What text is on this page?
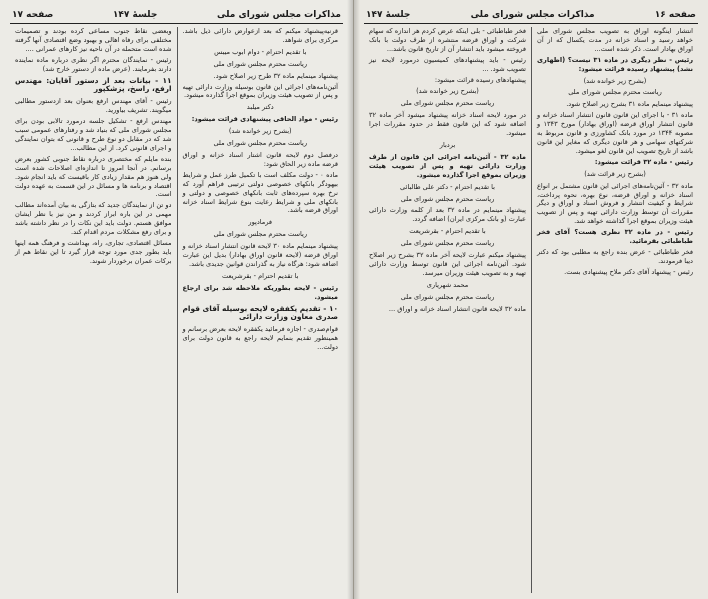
مذاکرات مجلس شورای ملی
جلسهٔ ۱۴۷
صفحه ۱۷

قرنیه‌پیشنهاد میکنم که بعد ازعوارض دارائی ذیل باشد. مرکزی برای شواهد.

با تقدیم احترام - دوام ابوب میبس

ریاست محترم مجلس شورای ملی

پیشنهاد مینمایم ماده ۳۲ طرح زیر اصلاح شود.

آئین‌نامه‌های اجرائی این قانون بوسیله وزارت دارائی تهیه و پس از تصویب هیئت وزیران بموقع اجرا گذارده میشود.

دکتر میلبد

رئیس - مواد الحاقی پیشنهادی قرائت میشود:

(بشرح زیر خوانده شد)

ریاست محترم مجلس شورای ملی

درفصل دوم لایحه قانون اشتار اسناد خزانه و اوراق قرضه ماده زیر الحاق شود:

ماده ۰ - دولت مکلف است با تکمیل طرز عمل و شرایط بیهودگر بانکهای خصوصی دولتی ترتیبی فراهم آورد که نرخ بهره سپرده‌های ثابت بانکهای خصوصی و دولتی و بانکهای ملی و شرایط رعایت بنوع شرایط اسناد خزانه اوراق قرضه باشد.

فرمادپور

ریاست محترم مجلس شورای ملی

پیشنهاد مینمایم ماده ۳۰ لایحه قانون انتشار اسناد خزانه و اوراق قرضه (لایحه قانون اوراق بهادار) بدیل این عبارت اضافه شود: هرگاه نیاز به گذراندن قوانین جدیدی باشد.

با تقدیم احترام - بقرشریعت

رئیس - لایحه بطوریکه ملاحظه شد برای ارجاع میشود.

۱۰ - تقدیم یکفقره لایحه بوسیله آقای قوام صدری معاون وزارت دارائی

قوام‌صدری - اجازه فرمائید یکفقره لایحه بعرض برسانم و همینطور تقدیم بنمایم لایحه راجع به قانون دولت برای دولت...

وبعضی نقاط جنوب مساعی کرده بودند و تصمیمات مختلفی برای رفاه اهالی و بهبود وضع اقتصادی آنها گرفته شده است متحمله در آن ناحیه نیز کارهای عمرانی ....

رئیس - نمایندگان محترم اگر نظری درباره ماده نماینده دارند بفرمایند. (عرض ماده از دستور خارج شد)

۱۱ - بیانات بعد از دستور آقایان: مهندس ارفع، راسخ، پزشکپور

رئیس - آقای مهندس ارفع بعنوان بعد ازدستور مطالبی میگویند. تشریف بیاورید.

مهندس ارفع - تشکیل جلسه درمورد تالابی بودن برای مجلس شورای ملی که بنیاد شد و رفتارهای عمومی سبب شد که در مقابل دو نوع طرح و قانونی که بتوان نمایندگی و اجرای قانونی کرد. از این مطالب...

بنده مایلم که مختصری درباره نقاط جنوبی کشور بعرض برسانم. در آنجا امروز تا اندازه‌ای اصلاحات شده است ولی هنوز هم مقدار زیادی کار باقیست که باید انجام شود. اقتصاد و برنامه ها و مسائل در این قسمت به عهده دولت است.

دو تن از نمایندگان جدید که بتازگی به بیان آمده‌اند مطالب مهمی در این باره ابراز کردند و من نیز با نظر ایشان موافق هستم. دولت باید این نکات را در نظر داشته باشد و برای رفع مشکلات مردم اقدام کند.

مسائل اقتصادی، تجاری، راه، بهداشت و فرهنگ همه اینها باید بطور جدی مورد توجه قرار گیرد تا این نقاط هم از برکات عمران برخوردار شوند.

صفحه ۱۶
مذاکرات مجلس شورای ملی
جلسهٔ ۱۴۷

انتشار اینگونه اوراق به تصویب مجلس شورای ملی خواهد رسید و اسناد خزانه در مدت یکسال که از آن اوراق بهادار است. ذکر شده است...

رئیس - نظر دیگری در ماده ۳۱ نیست؟ (اظهاری نشد) پیشنهاد رسیده قرائت میشود:

(بشرح زیر خوانده شد)

ریاست محترم مجلس شورای ملی

پیشنهاد مینمایم ماده ۳۱ بشرح زیر اصلاح شود.

ماده ۳۱ - با اجرای این قانون قانون انتشار اسناد خزانه و قانون انتشار اوراق قرضه (اوراق بهادار) مورخ ۱۳۴۳ و مصوبه ۱۳۴۴ در مورد بانک کشاورزی و قانون مربوط به شرکتهای سهامی و هر قانون دیگری که مغایر این قانون باشد از تاریخ تصویب این قانون لغو میشود.

رئیس - ماده ۳۲ قرائت میشود:

(بشرح زیر قرائت شد)

ماده ۳۲ - آئین‌نامه‌های اجرائی این قانون مشتمل بر انواع اسناد خزانه و اوراق قرضه، نوع بهره، نحوه پرداخت، شرایط و کیفیت انتشار و فروش اسناد و اوراق و دیگر مقررات آن توسط وزارت دارائی تهیه و پس از تصویب هیئت وزیران بموقع اجرا گذاشته خواهد شد.

رئیس - در ماده ۳۲ نظری هست؟ آقای فخر طباطبائی بفرمائید.

فخر طباطبائی - عرض بنده راجع به مطلبی بود که دکتر دیبا فرمودند.

رئیس - پیشنهاد آقای دکتر ملاح پیشنهادی بست.

فخر طباطبائی - بلی اینکه عرض کردم هر اندازه که سهام شرکت و اوراق قرضه منتشره از طرف دولت با بانک فروخته میشود باید انتشار آن از تاریخ قانون باشد...

رئیس - باید پیشنهادهای کمیسیون درمورد لایحه نیز تصویب شود. ...

پیشنهادهای رسیده قرائت میشود:

(بشرح زیر خوانده شد)

ریاست محترم مجلس شورای ملی

در مورد لایحه اسناد خزانه پیشنهاد میشود آخر ماده ۳۲ اضافه شود که این قانون فقط در حدود مقررات اجرا میشود.

بردبار

ماده ۳۲ - آئین‌نامه اجرائی این قانون از طرف وزارت دارائی تهیه و پس از تصویب هیئت وزیران بموقع اجرا گذارده میشود.

با تقدیم احترام - دکتر علی طالبائی

ریاست محترم مجلس شورای ملی

پیشنهاد مینمایم در ماده ۳۲ بعد از کلمه وزارت دارائی عبارت (و بانک مرکزی ایران) اضافه گردد.

با تقدیم احترام - بقرشریعت

ریاست محترم مجلس شورای ملی

پیشنهاد میکنم عبارت لایحه آخر ماده ۳۲ بشرح زیر اصلاح شود. آئین‌نامه اجرائی این قانون توسط وزارت دارائی تهیه و به تصویب هیئت وزیران میرسد.

محمد شهریاری

ریاست محترم مجلس شورای ملی

ماده ۳۲ لایحه قانون انتشار اسناد خزانه و اوراق ...
